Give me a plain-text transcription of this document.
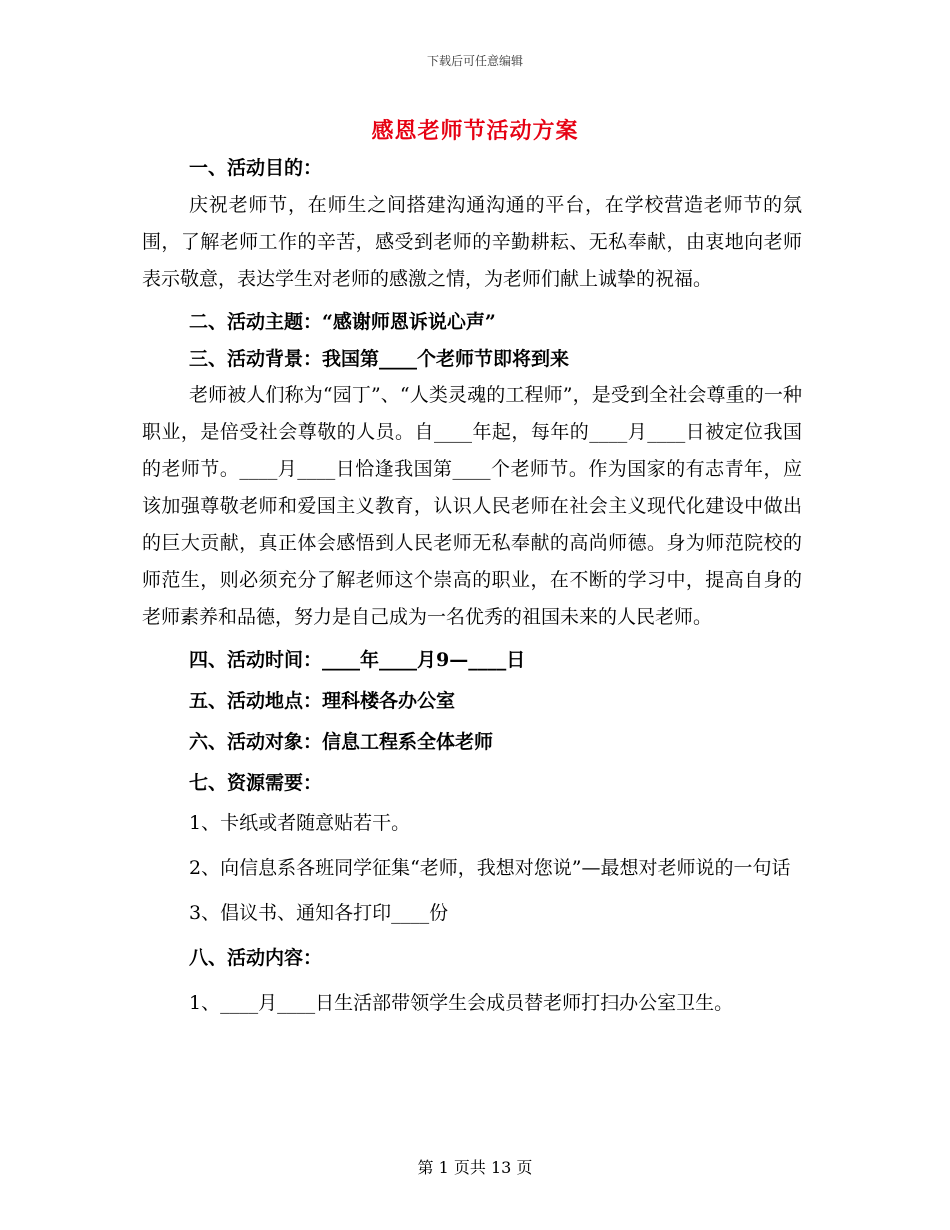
下载后可任意编辑
感恩老师节活动方案

一、活动目的：

庆祝老师节，在师生之间搭建沟通沟通的平台，在学校营造老师节的氛围，了解老师工作的辛苦，感受到老师的辛勤耕耘、无私奉献，由衷地向老师表示敬意，表达学生对老师的感激之情，为老师们献上诚挚的祝福。

二、活动主题：“感谢师恩诉说心声”

三、活动背景：我国第____个老师节即将到来

老师被人们称为“园丁”、“人类灵魂的工程师”，是受到全社会尊重的一种职业，是倍受社会尊敬的人员。自____年起，每年的____月____日被定位我国的老师节。____月____日恰逢我国第____个老师节。作为国家的有志青年，应该加强尊敬老师和爱国主义教育，认识人民老师在社会主义现代化建设中做出的巨大贡献，真正体会感悟到人民老师无私奉献的高尚师德。身为师范院校的师范生，则必须充分了解老师这个崇高的职业，在不断的学习中，提高自身的老师素养和品德，努力是自己成为一名优秀的祖国未来的人民老师。

四、活动时间：____年____月9—____日

五、活动地点：理科楼各办公室

六、活动对象：信息工程系全体老师

七、资源需要：

1、卡纸或者随意贴若干。

2、向信息系各班同学征集“老师，我想对您说”—最想对老师说的一句话

3、倡议书、通知各打印____份

八、活动内容：

1、____月____日生活部带领学生会成员替老师打扫办公室卫生。

第 1 页共 13 页
